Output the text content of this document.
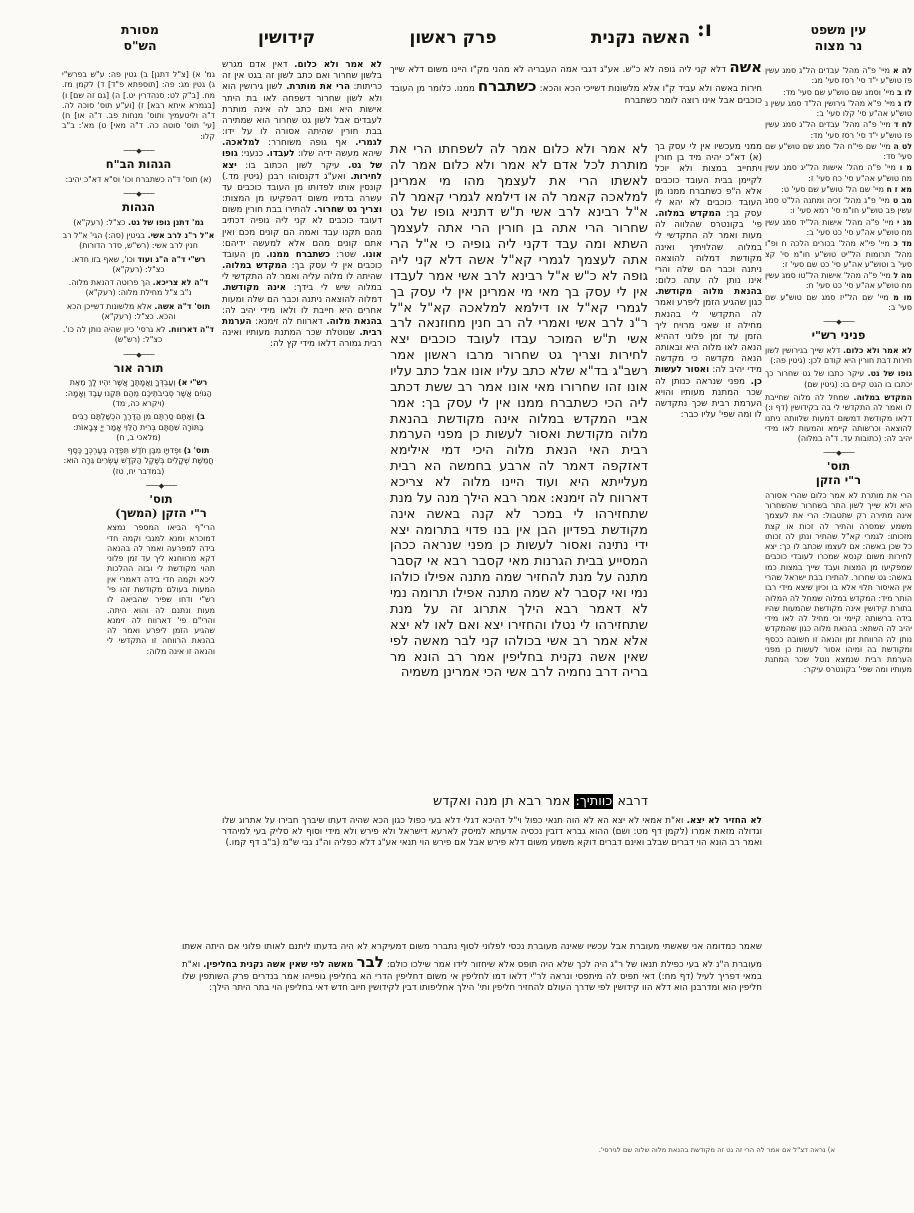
עין משפט
נר מצוה
ו:
האשה נקנית
פרק ראשון
קידושין
מסורת
הש"ס
לה א מיי' פ"ה מהל' עבדים הל"ג סמג עשין פז טוש"ע י"ד סי' רסז סעי' מג:
לו ב מיי' וסמג שם טוש"ע שם סעי' מד:
לז ג מיי' פ"א מהל' גירושין הל"ד סמג עשין נ טוש"ע אה"ע סי' קלו סעי' ב:
לח ד מיי' פ"ה מהל' עבדים הל"ג סמג עשין פז טוש"ע י"ד סי' רסז סעי' מד:
לט ה מיי' שם פי"ח הל' סמג שם טוש"ע שם סעי' סד:
מ ו מיי' פ"ה מהל' אישות הל"יג סמג עשין מח טוש"ע אה"ע סי' כח סעי' ז:
מא ז ח מיי' שם הל' טוש"ע שם סעי' ט:
מב ט מיי' פ"ג מהל' זכיה ומתנה הל"ט סמג עשין פב טוש"ע חו"מ סי' רמא סעי' ו:
מג י מיי' פ"ה מהל' אישות הל"יד סמג עשין מח טוש"ע אה"ע סי' כט סעי' ב:
מד כ מיי' פי"א מהל' בכורים הלכה ח ופ"ו מהל' תרומות הל"יט טוש"ע חו"מ סי' קצ סעי' ב וטוש"ע אה"ע סי' כט שם סעי' ז:
מה ל מיי' פ"ה מהל' אישות הל"טו סמג עשין מח טוש"ע אה"ע סי' כט סעי' ח:
מו מ מיי' שם הל"יז סמג שם טוש"ע שם סעי' ב:
────◆────
פניני רש"י
לא אמר ולא כלום. דלא שייך בגירושין לשון חירות דבת חורין היא קודם לכן: (גיטין פה:)
גופו של גט. עיקר כתבו של גט שחרור כך יכתבו בו הגט קיים בו: (גיטין שם)
המקדש במלוה. שמחל לה מלוה שחייבת לו ואמר לה התקדשי לי בה בקידושין (דף ו:) דלאו מקודשת דמשום דמעות שלוותה ניתנו להוצאה וכרשותה קיימא והמעות לאו מידי יהיב לה: (כתובות עד. ד"ה במלוה)
────◆────
תוס'
ר"י הזקן
הרי את מותרת לא אמר כלום שהרי אסורה היא ולא שייך לשון התר בשחרור שהשחרור אינה מתירה רק שתטבול: הרי את לעצמך משמע שמסרה והתיר לה זכות או קצת מזכותו: לגמרי קא"ל שהתיר ונתן לה זכותו כל שכן באשה: אם לעצמו שכתב לו כך: יצא לחירות משום קנסא שמכרו לעובדי כוכבים שמפקיעו מן המצות ועבד שייך במצות כמו באשה: גט שחרור. להתירו בבת ישראל שהרי אין האיסור תלוי אלא בו וכיון שיצא מידי רבו הותר מיד: המקדש במלוה שמחל לה המלוה בתורת קידושין אינה מקודשת שהמעות שהיו בידה ברשותה קיימי וכי מחיל לה לאו מידי יהיב לה השתא: בהנאת מלוה כגון שהמקדש נותן לה הרווחת זמן והנאה זו חשובה ככסף ומקודשת בה ומיהו אסור לעשות כן מפני הערמת רבית שנמצא נוטל שכר המתנת מעותיו ומה שפי' בקונטרס עיקר:
גמ' א) [צ"ל דתנן] ב) גטין פה: ע"ש בפרש"י ג) גטין מג: פה: [תוספתא פ"ד] ד) לקמן מז. מח. [ב"ק לט: סנהדרין יט.] ה) [גם זה שם] ו) [בגמרא איתא רבא] ז) [וע"ע תוס' סוכה לה. ד"ה וליטעמיך ותוס' מנחות פב. ד"ה או] ח) [עי' תוס' סוטה כה. ד"ה מאי] ט) מא': ב"ב קלו:
────◆────
הגהות הב"ח
(א) תוס' ד"ה כשתברח וכו' וס"א דא"כ יהיב:
────◆────
הגהות
גמ' דתנן גופו של גט. כצ"ל: (רעק"א)
א"ל ר"נ לרב אשי. בגיטין (סה:) הגי' א"ל רב חנין לרב אשי: (רש"ש, סדר הדורות)
רש"י ד"ה ה"ג ועוד וכו', שאף בזו חדא. כצ"ל: (רעק"א)
ד"ה לא צריכא. הך פרוטה דהנאת מלוה. נ"ב צ"ל מחילת מלוה: (רעק"א)
תוס' ד"ה אשה. אלא מלשונות דשייכן הכא והכא. כצ"ל: (רעק"א)
ד"ה דארווח. לא גרסי' כיון שהיה נותן לה כו'. כצ"ל: (רש"ש)
────◆────
תורה אור
רש"י א) וְעַבְדְּךָ וַאֲמָתֶךָ אֲשֶׁר יִהְיוּ לָךְ מֵאֵת הַגּוֹיִם אֲשֶׁר סְבִיבֹתֵיכֶם מֵהֶם תִּקְנוּ עֶבֶד וְאָמָה: (ויקרא כה, מד)
ב) וְאַתֶּם סַרְתֶּם מִן הַדֶּרֶךְ הִכְשַׁלְתֶּם רַבִּים בַּתּוֹרָה שִׁחַתֶּם בְּרִית הַלֵּוִי אָמַר יְיָ צְבָאוֹת: (מלאכי ב, ח)
תוס' ג) וּפְדוּיָו מִבֶּן חֹדֶשׁ תִּפְדֶּה בְּעֶרְכְּךָ כֶּסֶף חֲמֵשֶׁת שְׁקָלִים בְּשֶׁקֶל הַקֹּדֶשׁ עֶשְׂרִים גֵּרָה הוּא: (במדבר יח, טז)
────◆────
תוס'
ר"י הזקן (המשך)
הרי"ף הביאו המספר נמצא דמוכרא ומנא למגבי וקמה חדי בידה למפרעה ואמר לה בהנאה דקא מרווחנא ליך עד זמן פלוני תהוי מקודשת לי ובזה ההלכות ליכא וקמה חדי בידה דאמרי אין המעות בעולם מקודשת זהו פי' רש"י ודחו שפיר שהביאה לו מעות ונתנם לה והוא היתה. והרי"ם פי' דארווח לה זימנא שהגיע הזמן ליפרע ואמר לה בהנאת הרווחה זו התקדשי לי והנאה זו אינה מלוה:
אשה דלא קני ליה גופה לא כ"ש. אע"ג דגבי אמה העבריה לא מהני מק"ו היינו משום דלא שייך חירות באשה ולא עביד ק"ו אלא מלשונות דשייכי הכא והכא: כשתברח ממנו. כלומר מן העובד כוכבים אבל אינו רוצה לומר כשתברח
לא אמר ולא כלום. דאין אדם מגרש בלשון שחרור ואם כתב לשון זה בגט אין זה כריתות: הרי את מותרת. לשון גירושין הוא ולא לשון שחרור דשפחה לאו בת היתר אישות היא ואם כתב לה אינה מותרת לעבדים אבל לשון גט שחרור הוא שמתירה בבת חורין שהיתה אסורה לו על ידו: לגמרי. אף גופה משוחרר: למלאכה. שיהא מעשה ידיה שלו: לעבדו. כנעני: גופו של גט. עיקר לשון הכתוב בו: יצא לחירות. ואע"ג דקנסוהו רבנן (גיטין מד.) קונסין אותו לפדותו מן העובד כוכבים עד עשרה בדמיו משום דהפקיעו מן המצות: וצריך גט שחרור. להתירו בבת חורין משום דעובד כוכבים לא קני ליה גופיה דכתיב מהם תקנו עבד ואמה הם קונים מכם ואין אתם קונים מהם אלא למעשה ידיהם: אונו. שטר: כשתברח ממנו. מן העובד כוכבים אין לי עסק בך: המקדש במלוה. שהיתה לו מלוה עליה ואמר לה התקדשי לי במלוה שיש לי בידך: אינה מקודשת. דמלוה להוצאה ניתנה וכבר הם שלה ומעות אחרים היא חייבת לו ולאו מידי יהיב לה: בהנאת מלוה. דארווח לה זימנא: הערמת רבית. שנוטלת שכר המתנת מעותיו ואינה רבית גמורה דלאו מידי קץ לה:
לא אמר ולא כלום אמר לה לשפחתו הרי את מותרת לכל אדם לא אמר ולא כלום אמר לה לאשתו הרי את לעצמך מהו מי אמרינן למלאכה קאמר לה או דילמא לגמרי קאמר לה א"ל רבינא לרב אשי ת"ש דתניא גופו של גט שחרור הרי אתה בן חורין הרי אתה לעצמך השתא ומה עבד דקני ליה גופיה כי א"ל הרי אתה לעצמך לגמרי קא"ל אשה דלא קני ליה גופה לא כ"ש א"ל רבינא לרב אשי אמר לעבדו אין לי עסק בך מאי מי אמרינן אין לי עסק בך לגמרי קא"ל או דילמא למלאכה קא"ל א"ל ר"נ לרב אשי ואמרי לה רב חנין מחוזנאה לרב אשי ת"ש המוכר עבדו לעובד כוכבים יצא לחירות וצריך גט שחרור מרבו ראשון אמר רשב"ג בד"א שלא כתב עליו אונו אבל כתב עליו אונו זהו שחרורו מאי אונו אמר רב ששת דכתב ליה הכי כשתברח ממנו אין לי עסק בך: אמר אביי המקדש במלוה אינה מקודשת בהנאת מלוה מקודשת ואסור לעשות כן מפני הערמת רבית האי הנאת מלוה היכי דמי אילימא דאזקפה דאמר לה ארבע בחמשה הא רבית מעלייתא היא ועוד היינו מלוה לא צריכא דארווח לה זימנא: אמר רבא הילך מנה על מנת שתחזירהו לי במכר לא קנה באשה אינה מקודשת בפדיון הבן אין בנו פדוי בתרומה יצא ידי נתינה ואסור לעשות כן מפני שנראה ככהן המסייע בבית הגרנות מאי קסבר רבא אי קסבר מתנה על מנת להחזיר שמה מתנה אפילו כולהו נמי ואי קסבר לא שמה מתנה אפילו תרומה נמי לא דאמר רבא הילך אתרוג זה על מנת שתחזירהו לי נטלו והחזירו יצא ואם לאו לא יצא אלא אמר רב אשי בכולהו קני לבר מאשה לפי שאין אשה נקנית בחליפין אמר רב הונא מר בריה דרב נחמיה לרב אשי הכי אמרינן משמיה
דרבא כוותיך: אמר רבא תן מנה ואקדש
ממני מעכשיו אין לי עסק בך (א) דא"כ יהיה מיד בן חורין ויתחייב במצות ולא יוכל לקיימן בבית העובד כוכבים אלא ה"פ כשתברח ממנו מן העובד כוכבים לא יהא לי עסק בך: המקדש במלוה. פי' בקונטרס שהלווה לה מעות ואמר לה התקדשי לי במלוה שהלויתיך ואינה מקודשת דמלוה להוצאה ניתנה וכבר הם שלה והרי אינו נותן לה עתה כלום: בהנאת מלוה מקודשת. כגון שהגיע הזמן ליפרע ואמר לה התקדשי לי בהנאת מחילה זו שאני מרויח ליך הזמן עד זמן פלוני דההיא הנאה לאו מלוה היא ובאותה הנאה מקדשה כי מקדשה מידי יהיב לה: ואסור לעשות כן. מפני שנראה כנותן לה שכר המתנת מעותיו והויא הערמת רבית שכך נתקדשה לו ומה שפי' עליו כבר:
לא החזיר לא יצא. וא"ת אמאי לא יצא הא לא הוה תנאי כפול וי"ל דהיכא דגלי דלא בעי כפול כגון הכא שהיה דעתו שיברך חבירו על אתרוג שלו וגדולה מזאת אמרו (לקמן דף מט: ושם) ההוא גברא דזבין נכסיה אדעתא למיסק לארעא דישראל ולא פירש ולא מידי וסוף לא סליק בעי למיהדר ואמר רב הונא הוי דברים שבלב ואינם דברים דוקא משמע משום דלא פירש אבל אם פירש הוי תנאי אע"ג דלא כפליה וה"נ גבי ש"מ (ב"ב דף קמו.)
שאמר כמדומה אני שאשתי מעוברת אבל עכשיו שאינה מעוברת נכסי לפלוני לסוף נתברר משום דמעיקרא לא היה בדעתו ליתנם לאותו פלוני אם היתה אשתו מעוברת ה"נ לא בעי כפילת תנאו של ר"ג היה לכך שלא היה תופס אלא שיחזור לידו אמר שילכו כולם: לבר מאשה לפי שאין אשה נקנית בחליפין. וא"ת במאי דפריך לעיל (דף מח:) דאי תפיס לה מיתפסי ונראה לר"י דלאו דמו לחליפין אי משום דחליפין הדרי הא בחליפין גופייהו אמר בנדרים פרק השותפין שלו חליפין הוא ומדרבנן הוא דלא הוו קידושין לפי שדרך העולם להחזיר חליפין ותי' הילך אחליפותו דבין לקידושין חיוב חדש דאי בחליפין הוי בתר היתר הילך:
א) נראה דצ"ל אם אמר לה הרי זה גט זה מקודשת בהנאת מלוה שלוה שם לגירסי'.
